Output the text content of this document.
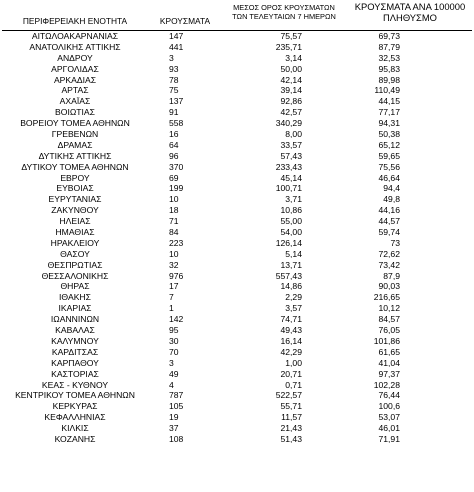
ΠΕΡΙΦΕΡΕΙΑΚΗ ΕΝΟΤΗΤΑ	ΚΡΟΥΣΜΑΤΑ
ΜΕΣΟΣ ΟΡΟΣ ΚΡΟΥΣΜΑΤΩΝ
ΤΩΝ ΤΕΛΕΥΤΑΙΩΝ 7 ΗΜΕΡΩΝ
ΚΡΟΥΣΜΑΤΑ ΑΝΑ 100000
ΠΛΗΘΥΣΜΟ
ΑΙΤΩΛΟΑΚΑΡΝΑΝΙΑΣ	147	75,57	69,73
ΑΝΑΤΟΛΙΚΗΣ ΑΤΤΙΚΗΣ	441	235,71	87,79
ΑΝΔΡΟΥ	3	3,14	32,53
ΑΡΓΟΛΙΔΑΣ	93	50,00	95,83
ΑΡΚΑΔΙΑΣ	78	42,14	89,98
ΑΡΤΑΣ	75	39,14	110,49
ΑΧΑΪΑΣ	137	92,86	44,15
ΒΟΙΩΤΙΑΣ	91	42,57	77,17
ΒΟΡΕΙΟΥ ΤΟΜΕΑ ΑΘΗΝΩΝ	558	340,29	94,31
ΓΡΕΒΕΝΩΝ	16	8,00	50,38
ΔΡΑΜΑΣ	64	33,57	65,12
ΔΥΤΙΚΗΣ ΑΤΤΙΚΗΣ	96	57,43	59,65
ΔΥΤΙΚΟΥ ΤΟΜΕΑ ΑΘΗΝΩΝ	370	233,43	75,56
ΕΒΡΟΥ	69	45,14	46,64
ΕΥΒΟΙΑΣ	199	100,71	94,4
ΕΥΡΥΤΑΝΙΑΣ	10	3,71	49,8
ΖΑΚΥΝΘΟΥ	18	10,86	44,16
ΗΛΕΙΑΣ	71	55,00	44,57
ΗΜΑΘΙΑΣ	84	54,00	59,74
ΗΡΑΚΛΕΙΟΥ	223	126,14	73
ΘΑΣΟΥ	10	5,14	72,62
ΘΕΣΠΡΩΤΙΑΣ	32	13,71	73,42
ΘΕΣΣΑΛΟΝΙΚΗΣ	976	557,43	87,9
ΘΗΡΑΣ	17	14,86	90,03
ΙΘΑΚΗΣ	7	2,29	216,65
ΙΚΑΡΙΑΣ	1	3,57	10,12
ΙΩΑΝΝΙΝΩΝ	142	74,71	84,57
ΚΑΒΑΛΑΣ	95	49,43	76,05
ΚΑΛΥΜΝΟΥ	30	16,14	101,86
ΚΑΡΔΙΤΣΑΣ	70	42,29	61,65
ΚΑΡΠΑΘΟΥ	3	1,00	41,04
ΚΑΣΤΟΡΙΑΣ	49	20,71	97,37
ΚΕΑΣ - ΚΥΘΝΟΥ	4	0,71	102,28
ΚΕΝΤΡΙΚΟΥ ΤΟΜΕΑ ΑΘΗΝΩΝ	787	522,57	76,44
ΚΕΡΚΥΡΑΣ	105	55,71	100,6
ΚΕΦΑΛΛΗΝΙΑΣ	19	11,57	53,07
ΚΙΛΚΙΣ	37	21,43	46,01
ΚΟΖΑΝΗΣ	108	51,43	71,91
